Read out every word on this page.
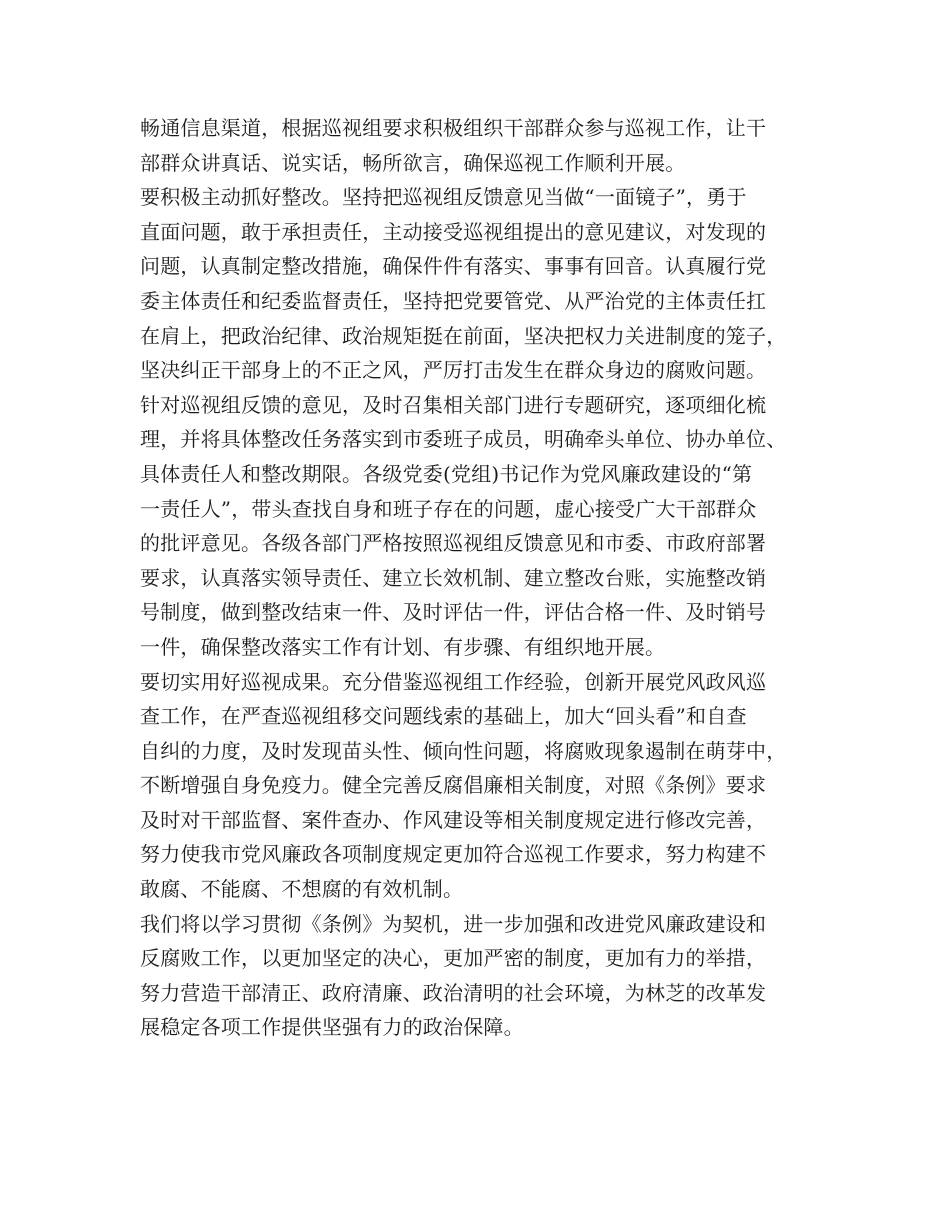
畅通信息渠道，根据巡视组要求积极组织干部群众参与巡视工作，让干
部群众讲真话、说实话，畅所欲言，确保巡视工作顺利开展。
要积极主动抓好整改。坚持把巡视组反馈意见当做“一面镜子”，勇于
直面问题，敢于承担责任，主动接受巡视组提出的意见建议，对发现的
问题，认真制定整改措施，确保件件有落实、事事有回音。认真履行党
委主体责任和纪委监督责任，坚持把党要管党、从严治党的主体责任扛
在肩上，把政治纪律、政治规矩挺在前面，坚决把权力关进制度的笼子，
坚决纠正干部身上的不正之风，严厉打击发生在群众身边的腐败问题。
针对巡视组反馈的意见，及时召集相关部门进行专题研究，逐项细化梳
理，并将具体整改任务落实到市委班子成员，明确牵头单位、协办单位、
具体责任人和整改期限。各级党委(党组)书记作为党风廉政建设的“第
一责任人”，带头查找自身和班子存在的问题，虚心接受广大干部群众
的批评意见。各级各部门严格按照巡视组反馈意见和市委、市政府部署
要求，认真落实领导责任、建立长效机制、建立整改台账，实施整改销
号制度，做到整改结束一件、及时评估一件，评估合格一件、及时销号
一件，确保整改落实工作有计划、有步骤、有组织地开展。
要切实用好巡视成果。充分借鉴巡视组工作经验，创新开展党风政风巡
查工作，在严查巡视组移交问题线索的基础上，加大“回头看”和自查
自纠的力度，及时发现苗头性、倾向性问题，将腐败现象遏制在萌芽中，
不断增强自身免疫力。健全完善反腐倡廉相关制度，对照《条例》要求
及时对干部监督、案件查办、作风建设等相关制度规定进行修改完善，
努力使我市党风廉政各项制度规定更加符合巡视工作要求，努力构建不
敢腐、不能腐、不想腐的有效机制。
我们将以学习贯彻《条例》为契机，进一步加强和改进党风廉政建设和
反腐败工作，以更加坚定的决心，更加严密的制度，更加有力的举措，
努力营造干部清正、政府清廉、政治清明的社会环境，为林芝的改革发
展稳定各项工作提供坚强有力的政治保障。
